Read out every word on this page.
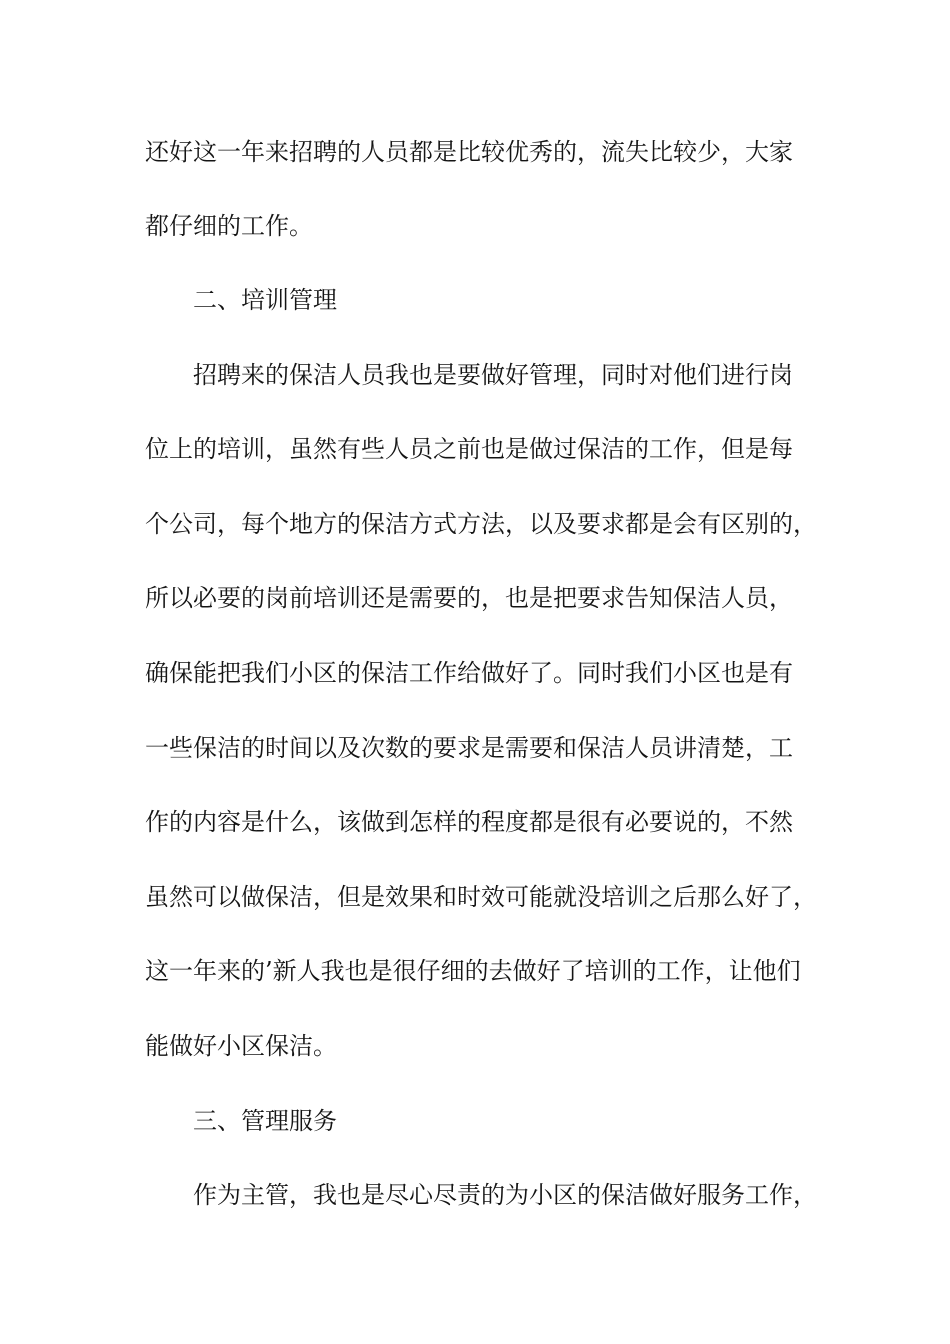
还好这一年来招聘的人员都是比较优秀的，流失比较少，大家
都仔细的工作。
二、培训管理
招聘来的保洁人员我也是要做好管理，同时对他们进行岗
位上的培训，虽然有些人员之前也是做过保洁的工作，但是每
个公司，每个地方的保洁方式方法，以及要求都是会有区别的，
所以必要的岗前培训还是需要的，也是把要求告知保洁人员，
确保能把我们小区的保洁工作给做好了。同时我们小区也是有
一些保洁的时间以及次数的要求是需要和保洁人员讲清楚，工
作的内容是什么，该做到怎样的程度都是很有必要说的，不然
虽然可以做保洁，但是效果和时效可能就没培训之后那么好了，
这一年来的’新人我也是很仔细的去做好了培训的工作，让他们
能做好小区保洁。
三、管理服务
作为主管，我也是尽心尽责的为小区的保洁做好服务工作，
